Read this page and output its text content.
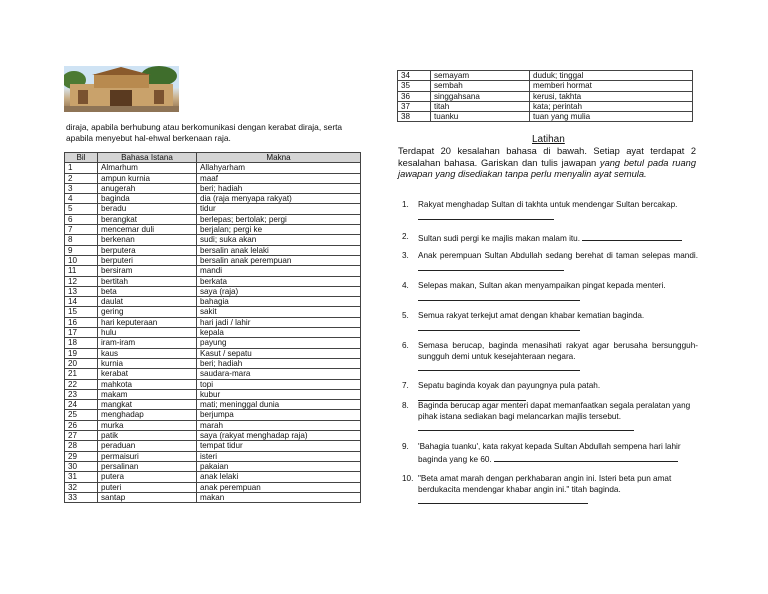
diraja, apabila berhubung atau berkomunikasi dengan kerabat diraja, serta apabila menyebut hal-ehwal berkenaan raja.
Bil	Bahasa Istana	Makna
1	Almarhum	Allahyarham
2	ampun kurnia	maaf
3	anugerah	beri; hadiah
4	baginda	dia (raja menyapa rakyat)
5	beradu	tidur
6	berangkat	berlepas; bertolak; pergi
7	mencemar duli	berjalan; pergi ke
8	berkenan	sudi; suka akan
9	berputera	bersalin anak lelaki
10	berputeri	bersalin anak perempuan
11	bersiram	mandi
12	bertitah	berkata
13	beta	saya (raja)
14	daulat	bahagia
15	gering	sakit
16	hari keputeraan	hari jadi / lahir
17	hulu	kepala
18	iram-iram	payung
19	kaus	Kasut / sepatu
20	kurnia	beri; hadiah
21	kerabat	saudara-mara
22	mahkota	topi
23	makam	kubur
24	mangkat	mati; meninggal dunia
25	menghadap	berjumpa
26	murka	marah
27	patik	saya (rakyat menghadap raja)
28	peraduan	tempat tidur
29	permaisuri	isteri
30	persalinan	pakaian
31	putera	anak lelaki
32	puteri	anak perempuan
33	santap	makan
34	semayam	duduk; tinggal
35	sembah	memberi hormat
36	singgahsana	kerusi, takhta
37	titah	kata; perintah
38	tuanku	tuan yang mulia
Latihan
Terdapat 20 kesalahan bahasa di bawah. Setiap ayat terdapat 2 kesalahan bahasa. Gariskan dan tulis jawapan yang betul pada ruang jawapan yang disediakan tanpa perlu menyalin ayat semula.
1. Rakyat menghadap Sultan di takhta untuk mendengar Sultan bercakap.
2. Sultan sudi pergi ke majlis makan malam itu.
3. Anak perempuan Sultan Abdullah sedang berehat di taman selepas mandi.
4. Selepas makan, Sultan akan menyampaikan pingat kepada menteri.
5. Semua rakyat terkejut amat dengan khabar kematian baginda.
6. Semasa berucap, baginda menasihati rakyat agar berusaha bersungguh-sungguh demi untuk kesejahteraan negara.
7. Sepatu baginda koyak dan payungnya pula patah.
8. Baginda berucap agar menteri dapat memanfaatkan segala peralatan yang pihak istana sediakan bagi melancarkan majlis tersebut.
9. 'Bahagia tuanku', kata rakyat kepada Sultan Abdullah sempena hari lahir baginda yang ke 60.
10. "Beta amat marah dengan perkhabaran angin ini. Isteri beta pun amat berdukacita mendengar khabar angin ini." titah baginda.
